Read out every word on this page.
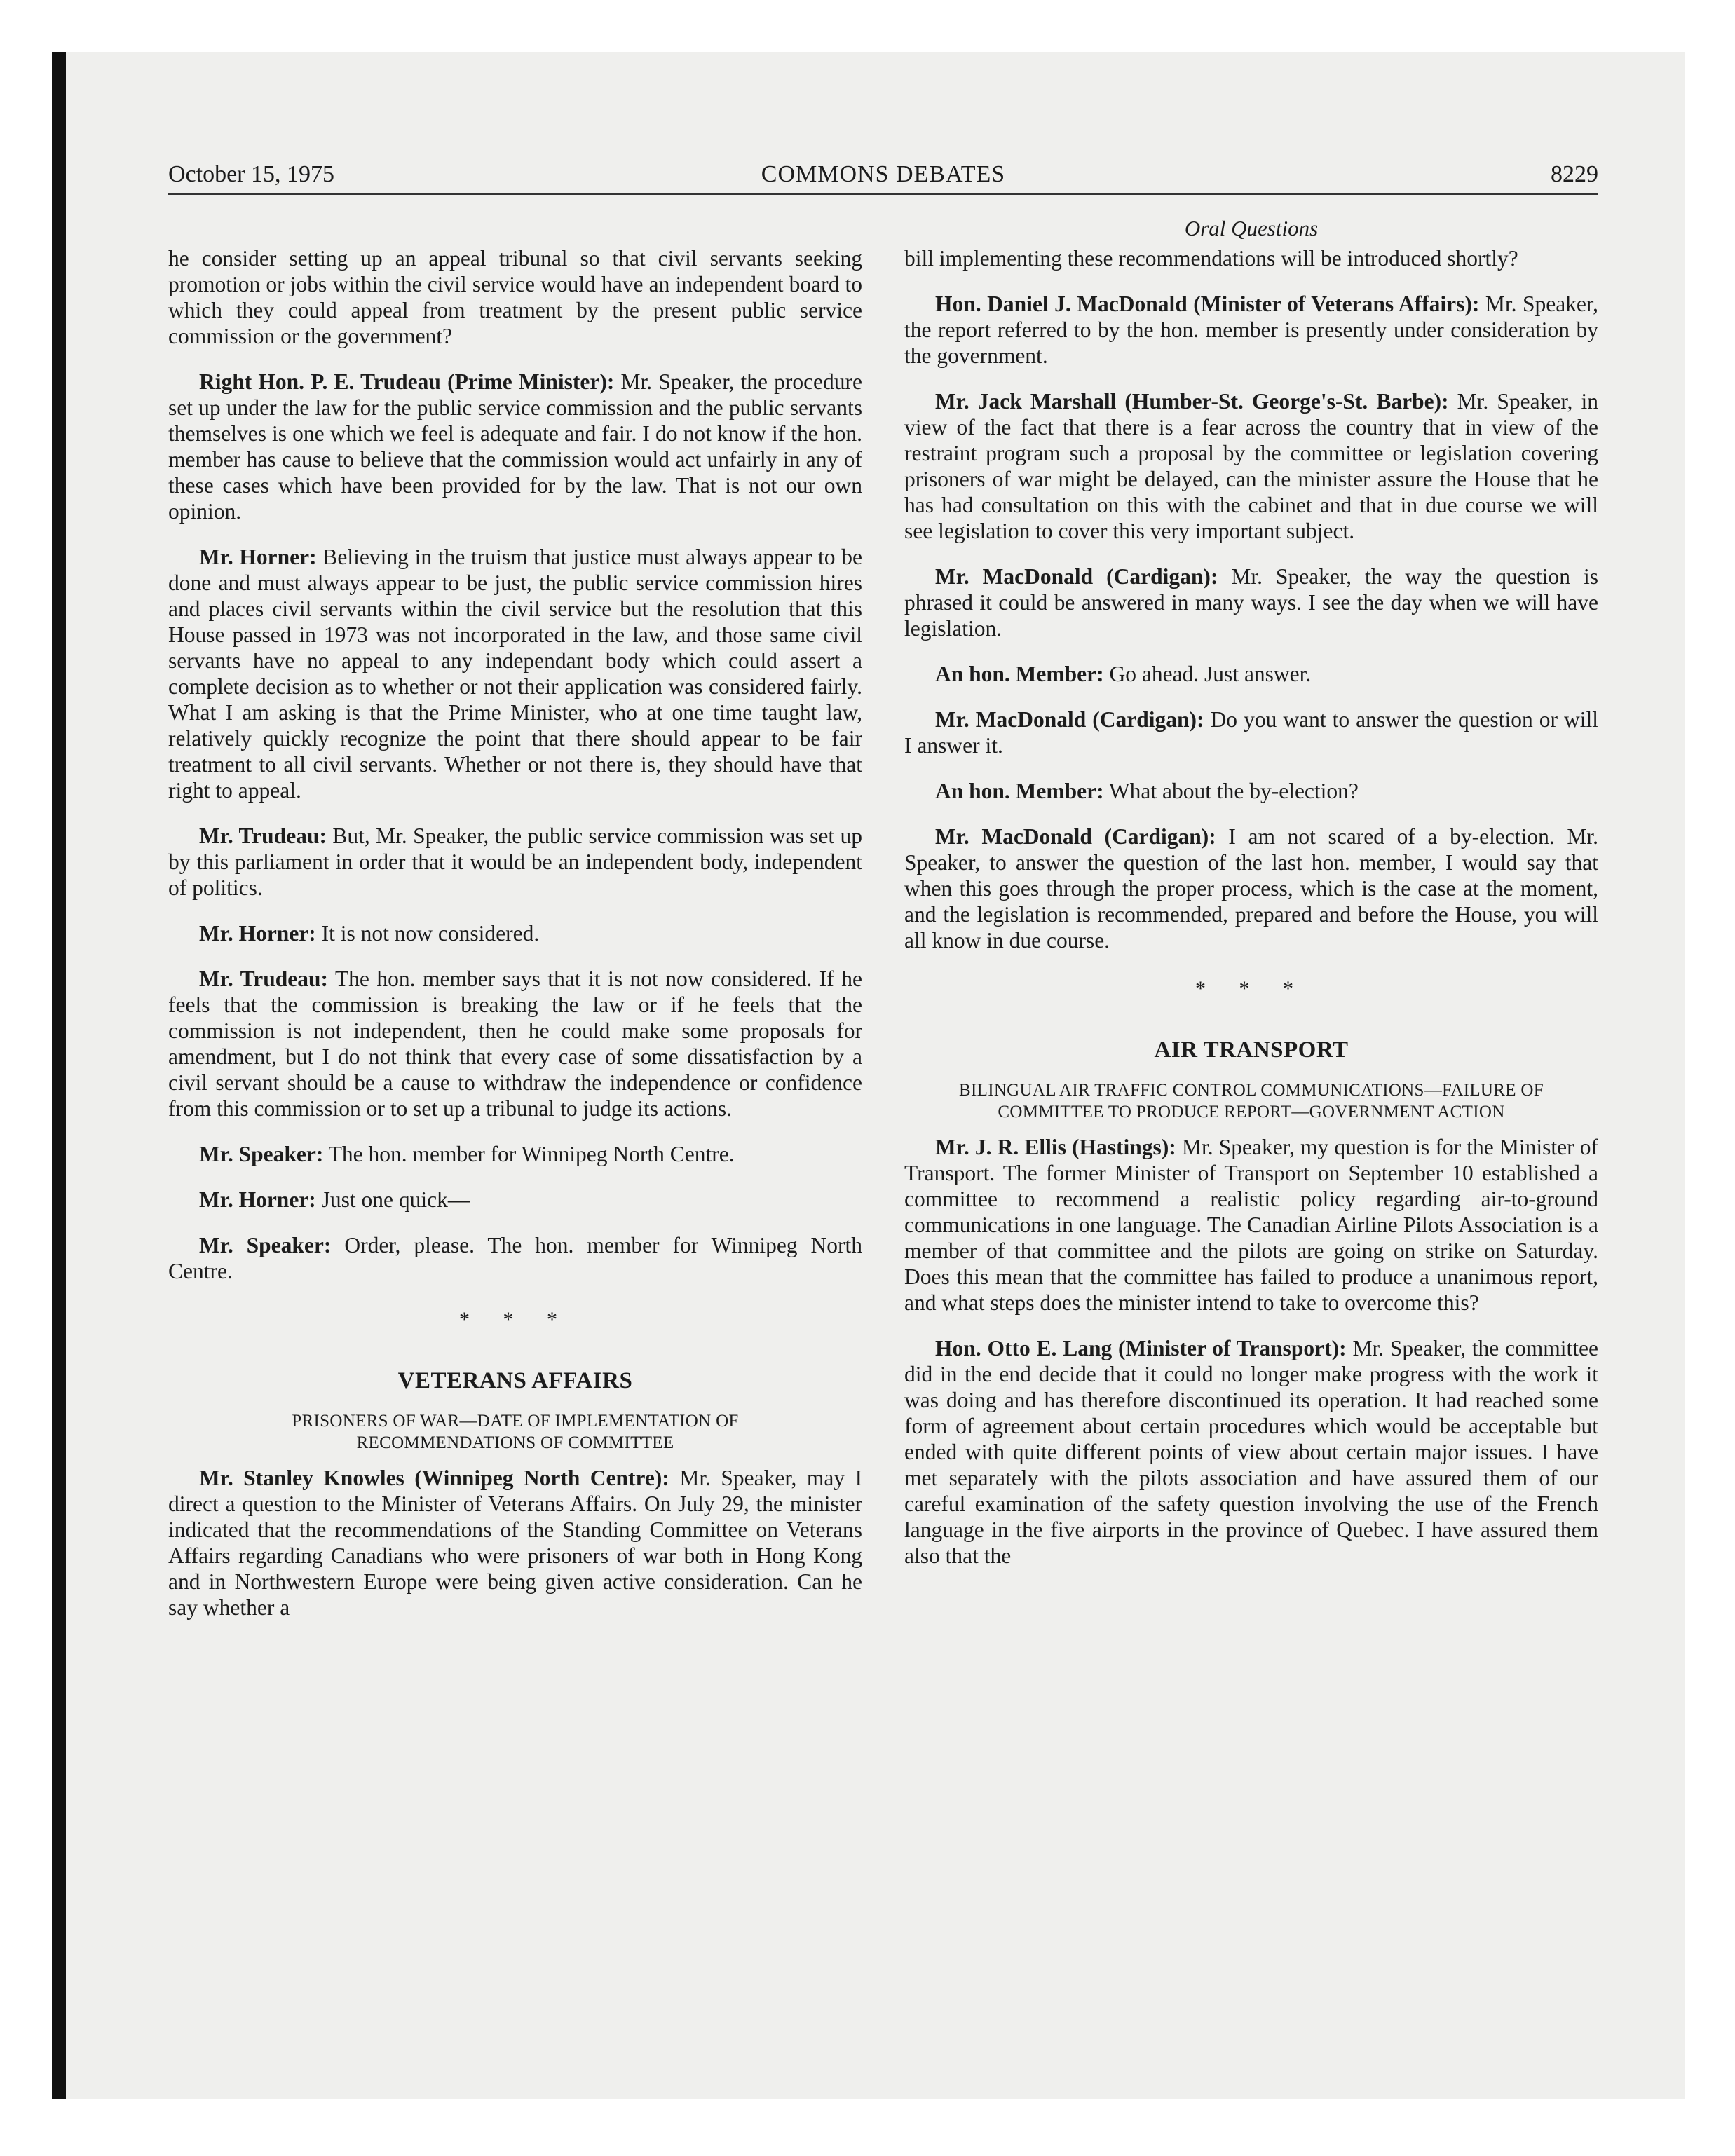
October 15, 1975	COMMONS DEBATES	8229
Oral Questions

he consider setting up an appeal tribunal so that civil servants seeking promotion or jobs within the civil service would have an independent board to which they could appeal from treatment by the present public service commission or the government?

Right Hon. P. E. Trudeau (Prime Minister): Mr. Speaker, the procedure set up under the law for the public service commission and the public servants themselves is one which we feel is adequate and fair. I do not know if the hon. member has cause to believe that the commission would act unfairly in any of these cases which have been provided for by the law. That is not our own opinion.

Mr. Horner: Believing in the truism that justice must always appear to be done and must always appear to be just, the public service commission hires and places civil servants within the civil service but the resolution that this House passed in 1973 was not incorporated in the law, and those same civil servants have no appeal to any independant body which could assert a complete decision as to whether or not their application was considered fairly. What I am asking is that the Prime Minister, who at one time taught law, relatively quickly recognize the point that there should appear to be fair treatment to all civil servants. Whether or not there is, they should have that right to appeal.

Mr. Trudeau: But, Mr. Speaker, the public service commission was set up by this parliament in order that it would be an independent body, independent of politics.

Mr. Horner: It is not now considered.

Mr. Trudeau: The hon. member says that it is not now considered. If he feels that the commission is breaking the law or if he feels that the commission is not independent, then he could make some proposals for amendment, but I do not think that every case of some dissatisfaction by a civil servant should be a cause to withdraw the independence or confidence from this commission or to set up a tribunal to judge its actions.

Mr. Speaker: The hon. member for Winnipeg North Centre.

Mr. Horner: Just one quick—

Mr. Speaker: Order, please. The hon. member for Winnipeg North Centre.

* * *
VETERANS AFFAIRS
PRISONERS OF WAR—DATE OF IMPLEMENTATION OF RECOMMENDATIONS OF COMMITTEE

Mr. Stanley Knowles (Winnipeg North Centre): Mr. Speaker, may I direct a question to the Minister of Veterans Affairs. On July 29, the minister indicated that the recommendations of the Standing Committee on Veterans Affairs regarding Canadians who were prisoners of war both in Hong Kong and in Northwestern Europe were being given active consideration. Can he say whether a

bill implementing these recommendations will be introduced shortly?

Hon. Daniel J. MacDonald (Minister of Veterans Affairs): Mr. Speaker, the report referred to by the hon. member is presently under consideration by the government.

Mr. Jack Marshall (Humber-St. George's-St. Barbe): Mr. Speaker, in view of the fact that there is a fear across the country that in view of the restraint program such a proposal by the committee or legislation covering prisoners of war might be delayed, can the minister assure the House that he has had consultation on this with the cabinet and that in due course we will see legislation to cover this very important subject.

Mr. MacDonald (Cardigan): Mr. Speaker, the way the question is phrased it could be answered in many ways. I see the day when we will have legislation.

An hon. Member: Go ahead. Just answer.

Mr. MacDonald (Cardigan): Do you want to answer the question or will I answer it.

An hon. Member: What about the by-election?

Mr. MacDonald (Cardigan): I am not scared of a by-election. Mr. Speaker, to answer the question of the last hon. member, I would say that when this goes through the proper process, which is the case at the moment, and the legislation is recommended, prepared and before the House, you will all know in due course.

* * *
AIR TRANSPORT
BILINGUAL AIR TRAFFIC CONTROL COMMUNICATIONS—FAILURE OF COMMITTEE TO PRODUCE REPORT—GOVERNMENT ACTION

Mr. J. R. Ellis (Hastings): Mr. Speaker, my question is for the Minister of Transport. The former Minister of Transport on September 10 established a committee to recommend a realistic policy regarding air-to-ground communications in one language. The Canadian Airline Pilots Association is a member of that committee and the pilots are going on strike on Saturday. Does this mean that the committee has failed to produce a unanimous report, and what steps does the minister intend to take to overcome this?

Hon. Otto E. Lang (Minister of Transport): Mr. Speaker, the committee did in the end decide that it could no longer make progress with the work it was doing and has therefore discontinued its operation. It had reached some form of agreement about certain procedures which would be acceptable but ended with quite different points of view about certain major issues. I have met separately with the pilots association and have assured them of our careful examination of the safety question involving the use of the French language in the five airports in the province of Quebec. I have assured them also that the
